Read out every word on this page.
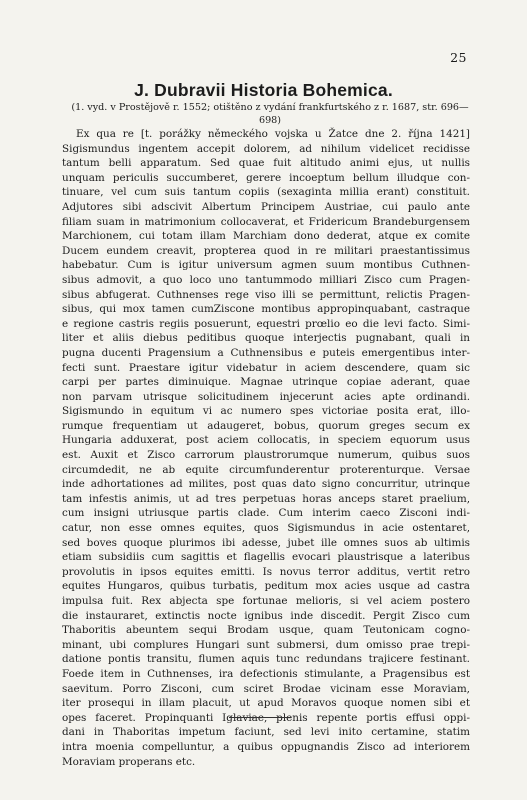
25
J. Dubravii Historia Bohemica.
(1. vyd. v Prostějově r. 1552; otištěno z vydání frankfurtského z r. 1687, str. 696—698)
Ex qua re [t. porážky německého vojska u Žatce dne 2. října 1421]
Sigismundus ingentem accepit dolorem, ad nihilum videlicet recidisse
tantum belli apparatum. Sed quae fuit altitudo animi ejus, ut nullis
unquam periculis succumberet, gerere incoeptum bellum illudque con-
tinuare, vel cum suis tantum copiis (sexaginta millia erant) constituit.
Adjutores sibi adscivit Albertum Principem Austriae, cui paulo ante
filiam suam in matrimonium collocaverat, et Fridericum Brandeburgensem
Marchionem, cui totam illam Marchiam dono dederat, atque ex comite
Ducem eundem creavit, propterea quod in re militari praestantissimus
habebatur. Cum is igitur universum agmen suum montibus Cuthnen-
sibus admovit, a quo loco uno tantummodo milliari Zisco cum Pragen-
sibus abfugerat. Cuthnenses rege viso illi se permittunt, relictis Pragen-
sibus, qui mox tamen cumZiscone montibus appropinquabant, castraque
e regione castris regiis posuerunt, equestri prœlio eo die levi facto. Simi-
liter et aliis diebus peditibus quoque interjectis pugnabant, quali in
pugna ducenti Pragensium a Cuthnensibus e puteis emergentibus inter-
fecti sunt. Praestare igitur videbatur in aciem descendere, quam sic
carpi per partes diminuique. Magnae utrinque copiae aderant, quae
non parvam utrisque solicitudinem injecerunt acies apte ordinandi.
Sigismundo in equitum vi ac numero spes victoriae posita erat, illo-
rumque frequentiam ut adaugeret, bobus, quorum greges secum ex
Hungaria adduxerat, post aciem collocatis, in speciem equorum usus
est. Auxit et Zisco carrorum plaustrorumque numerum, quibus suos
circumdedit, ne ab equite circumfunderentur proterenturque. Versae
inde adhortationes ad milites, post quas dato signo concurritur, utrinque
tam infestis animis, ut ad tres perpetuas horas anceps staret praelium,
cum insigni utriusque partis clade. Cum interim caeco Zisconi indi-
catur, non esse omnes equites, quos Sigismundus in acie ostentaret,
sed boves quoque plurimos ibi adesse, jubet ille omnes suos ab ultimis
etiam subsidiis cum sagittis et flagellis evocari plaustrisque a lateribus
provolutis in ipsos equites emitti. Is novus terror additus, vertit retro
equites Hungaros, quibus turbatis, peditum mox acies usque ad castra
impulsa fuit. Rex abjecta spe fortunae melioris, si vel aciem postero
die instauraret, extinctis nocte ignibus inde discedit. Pergit Zisco cum
Thaboritis abeuntem sequi Brodam usque, quam Teutonicam cogno-
minant, ubi complures Hungari sunt submersi, dum omisso prae trepi-
datione pontis transitu, flumen aquis tunc redundans trajicere festinant.
Foede item in Cuthnenses, ira defectionis stimulante, a Pragensibus est
saevitum. Porro Zisconi, cum sciret Brodae vicinam esse Moraviam,
iter prosequi in illam placuit, ut apud Moravos quoque nomen sibi et
opes faceret. Propinquanti Iglaviae, plenis repente portis effusi oppi-
dani in Thaboritas impetum faciunt, sed levi inito certamine, statim
intra moenia compelluntur, a quibus oppugnandis Zisco ad interiorem
Moraviam properans etc.
